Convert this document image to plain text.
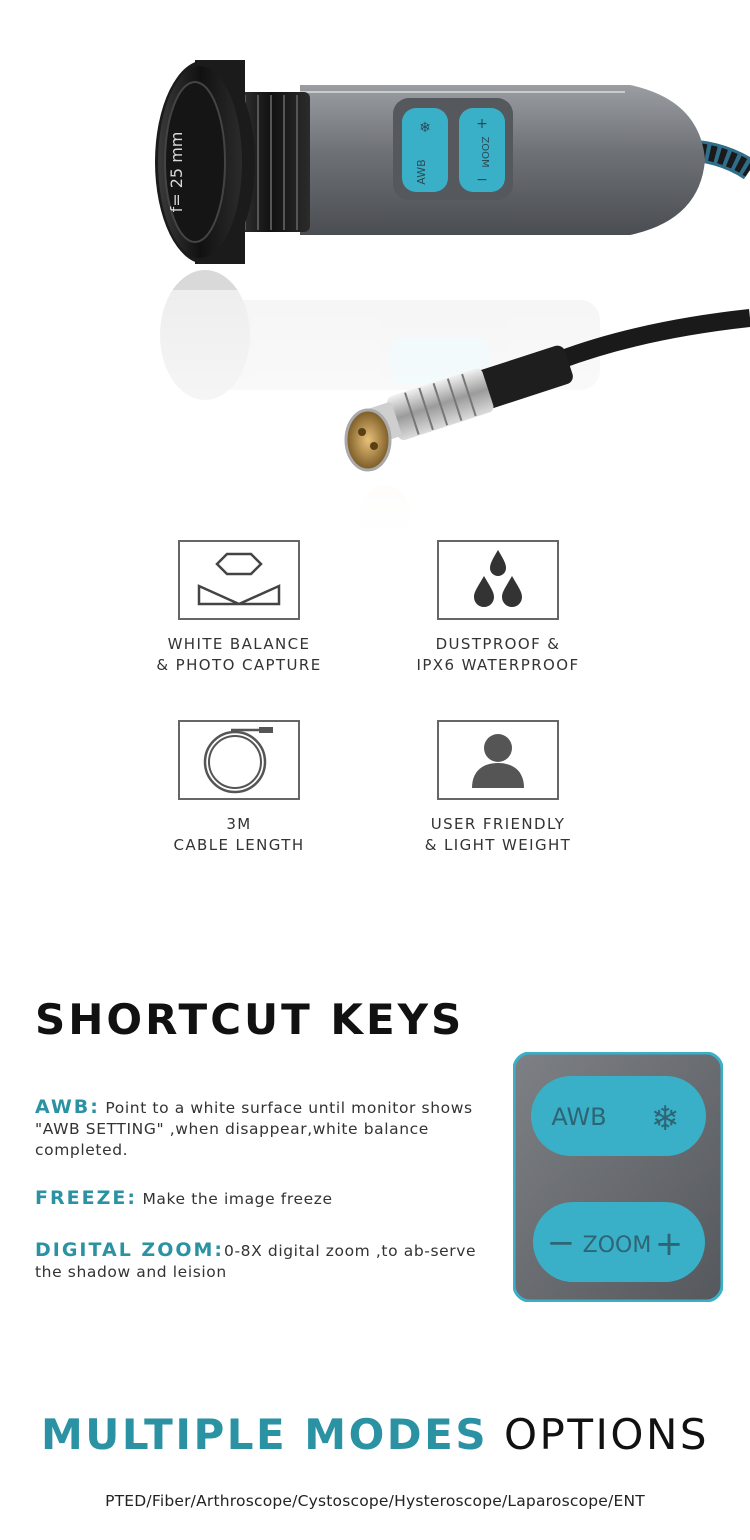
AWB
❄
ZOOM
+
−
f= 25 mm
WHITE BALANCE
& PHOTO CAPTURE
DUSTPROOF &
IPX6 WATERPROOF
3M
CABLE LENGTH
USER FRIENDLY
& LIGHT WEIGHT
SHORTCUT KEYS
AWB: Point to a white surface until monitor shows "AWB SETTING" ,when disappear,white balance completed.
FREEZE: Make the image freeze
DIGITAL ZOOM:0-8X digital zoom ,to ab-serve the shadow and leision
AWB ❄
− ZOOM +
MULTIPLE MODES OPTIONS
PTED/Fiber/Arthroscope/Cystoscope/Hysteroscope/Laparoscope/ENT
